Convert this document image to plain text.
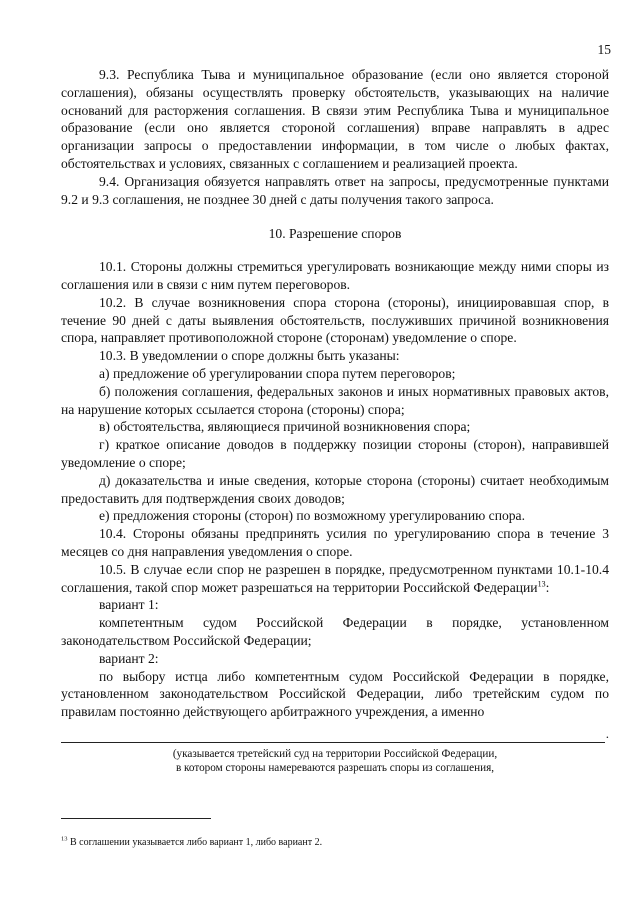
15

9.3. Республика Тыва и муниципальное образование (если оно является стороной соглашения), обязаны осуществлять проверку обстоятельств, указывающих на наличие оснований для расторжения соглашения. В связи этим Республика Тыва и муниципальное образование (если оно является стороной соглашения) вправе направлять в адрес организации запросы о предоставлении информации, в том числе о любых фактах, обстоятельствах и условиях, связанных с соглашением и реализацией проекта.

9.4. Организация обязуется направлять ответ на запросы, предусмотренные пунктами 9.2 и 9.3 соглашения, не позднее 30 дней с даты получения такого запроса.

10. Разрешение споров

10.1. Стороны должны стремиться урегулировать возникающие между ними споры из соглашения или в связи с ним путем переговоров.

10.2. В случае возникновения спора сторона (стороны), инициировавшая спор, в течение 90 дней с даты выявления обстоятельств, послуживших причиной возникновения спора, направляет противоположной стороне (сторонам) уведомление о споре.

10.3. В уведомлении о споре должны быть указаны:

а) предложение об урегулировании спора путем переговоров;

б) положения соглашения, федеральных законов и иных нормативных правовых актов, на нарушение которых ссылается сторона (стороны) спора;

в) обстоятельства, являющиеся причиной возникновения спора;

г) краткое описание доводов в поддержку позиции стороны (сторон), направившей уведомление о споре;

д) доказательства и иные сведения, которые сторона (стороны) считает необходимым предоставить для подтверждения своих доводов;

е) предложения стороны (сторон) по возможному урегулированию спора.

10.4. Стороны обязаны предпринять усилия по урегулированию спора в течение 3 месяцев со дня направления уведомления о споре.

10.5. В случае если спор не разрешен в порядке, предусмотренном пунктами 10.1-10.4 соглашения, такой спор может разрешаться на территории Российской Федерации$^{13}$:

вариант 1:

компетентным судом Российской Федерации в порядке, установленном законодательством Российской Федерации;

вариант 2:

по выбору истца либо компетентным судом Российской Федерации в порядке, установленном законодательством Российской Федерации, либо третейским судом по правилам постоянно действующего арбитражного учреждения, а именно

.
(указывается третейский суд на территории Российской Федерации,
в котором стороны намереваются разрешать споры из соглашения,
$^{13}$ В соглашении указывается либо вариант 1, либо вариант 2.
